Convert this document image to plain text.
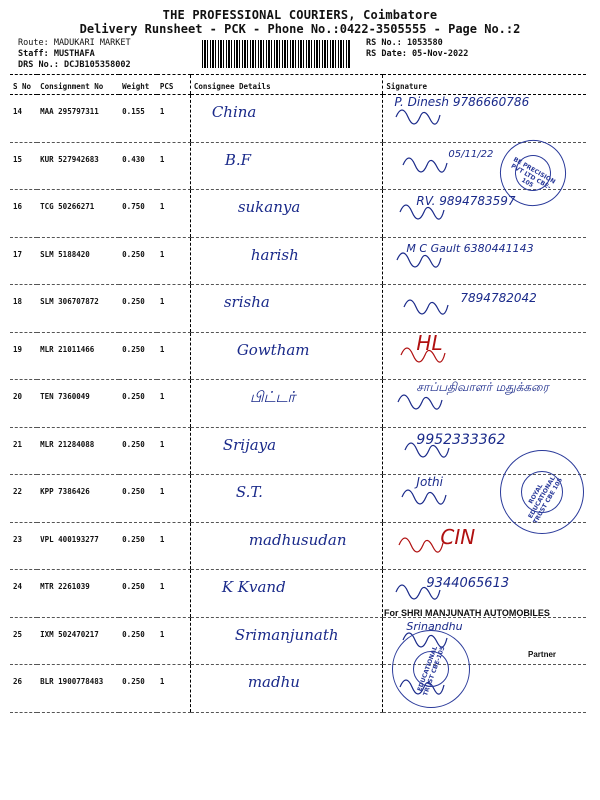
THE PROFESSIONAL COURIERS, Coimbatore
Delivery Runsheet - PCK - Phone No.:0422-3505555 - Page No.:2
Route: MADUKARI MARKET
Staff: MUSTHAFA
DRS No.: DCJB105358002
RS No.: 1053580
RS Date: 05-Nov-2022
S No	Consignment No	Weight	PCS	Consignee Details	Signature
14	MAA 295797311	0.155	1	China	P. Dinesh 9786660786

15	KUR 527942683	0.430	1	B.F	05/11/22

16	TCG 50266271	0.750	1	sukanya	RV. 9894783597

17	SLM 5188420	0.250	1	harish	M C Gault 6380441143

18	SLM 306707872	0.250	1	srisha	7894782042

19	MLR 21011466	0.250	1	Gowtham	HL

20	TEN 7360049	0.250	1	பிட்டர்	சாப்பதிவாளர் மதுக்கரை

21	MLR 21284088	0.250	1	Srijaya	9952333362

22	KPP 7386426	0.250	1	S.T.	Jothi

23	VPL 400193277	0.250	1	madhusudan	CIN

24	MTR 2261039	0.250	1	K Kvand	9344065613

25	IXM 502470217	0.250	1	Srimanjunath	Srinandhu

26	BLR 1900778483	0.250	1	madhu

BE PRECISION PVT LTD CBE-105
ROYAL EDUCATIONAL TRUST CBE 105
EDUCATIONAL TRUST CBE-105
For SHRI MANJUNATH AUTOMOBILES
Partner
